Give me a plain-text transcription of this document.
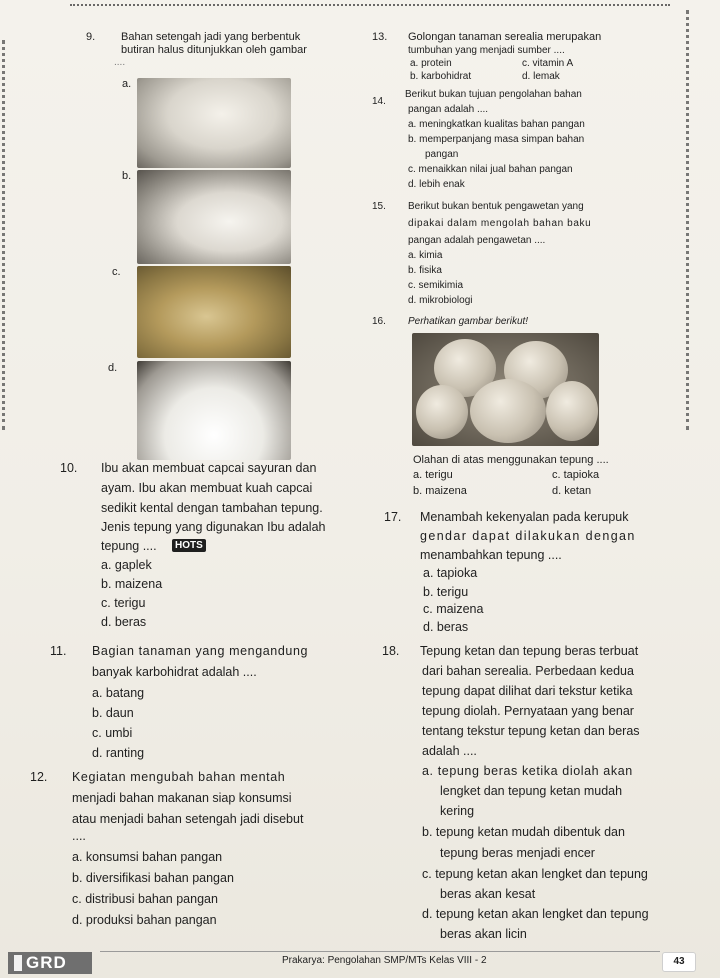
9. Bahan setengah jadi yang berbentuk
butiran halus ditunjukkan oleh gambar
....
a.
b.
c.
d.
13. Golongan tanaman serealia merupakan
tumbuhan yang menjadi sumber ....
a. protein	c. vitamin A
b. karbohidrat	d. lemak
14.
Berikut bukan tujuan pengolahan bahan
pangan adalah ....
a. meningkatkan kualitas bahan pangan
b. memperpanjang masa simpan bahan
pangan
c. menaikkan nilai jual bahan pangan
d. lebih enak
15. Berikut bukan bentuk pengawetan yang
dipakai dalam mengolah bahan baku
pangan adalah pengawetan ....
a. kimia
b. fisika
c. semikimia
d. mikrobiologi
16. Perhatikan gambar berikut!
Olahan di atas menggunakan tepung ....
a. terigu	c. tapioka
b. maizena	d. ketan
10. Ibu akan membuat capcai sayuran dan
ayam. Ibu akan membuat kuah capcai
sedikit kental dengan tambahan tepung.
Jenis tepung yang digunakan Ibu adalah
tepung ....	HOTS
a. gaplek
b. maizena
c. terigu
d. beras
17. Menambah kekenyalan pada kerupuk
gendar dapat dilakukan dengan
menambahkan tepung ....
a. tapioka
b. terigu
c. maizena
d. beras
11. Bagian tanaman yang mengandung
banyak karbohidrat adalah ....
a. batang
b. daun
c. umbi
d. ranting
18. Tepung ketan dan tepung beras terbuat
dari bahan serealia. Perbedaan kedua
tepung dapat dilihat dari tekstur ketika
tepung diolah. Pernyataan yang benar
tentang tekstur tepung ketan dan beras
adalah ....
a. tepung beras ketika diolah akan
lengket dan tepung ketan mudah
kering
b. tepung ketan mudah dibentuk dan
tepung beras menjadi encer
c. tepung ketan akan lengket dan tepung
beras akan kesat
d. tepung ketan akan lengket dan tepung
beras akan licin
12. Kegiatan mengubah bahan mentah
menjadi bahan makanan siap konsumsi
atau menjadi bahan setengah jadi disebut
....
a. konsumsi bahan pangan
b. diversifikasi bahan pangan
c. distribusi bahan pangan
d. produksi bahan pangan
GRD	Prakarya: Pengolahan SMP/MTs Kelas VIII - 2	43
